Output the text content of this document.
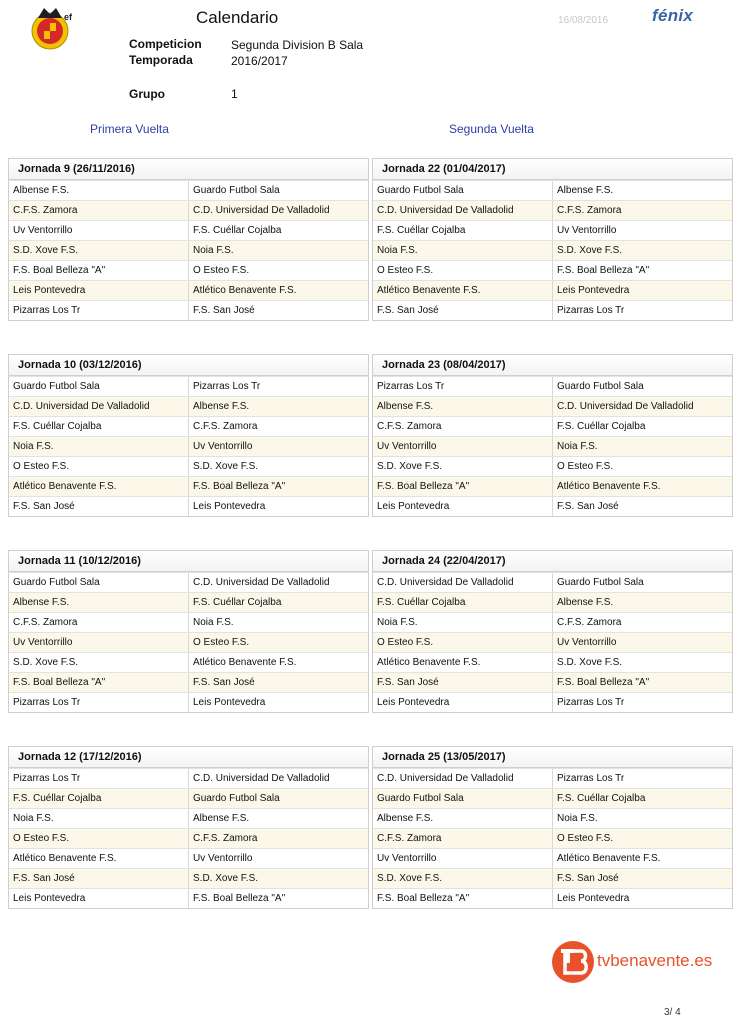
ef	Calendario	16/08/2016	fénix
Competicion Segunda Division B Sala
Temporada	2016/2017
Grupo	1
Primera Vuelta	Segunda Vuelta
Jornada 9 (26/11/2016)
Albense F.S.	Guardo Futbol Sala
C.F.S. Zamora	C.D. Universidad De Valladolid
Uv Ventorrillo	F.S. Cuéllar Cojalba
S.D. Xove F.S.	Noia F.S.
F.S. Boal Belleza "A"	O Esteo F.S.
Leis Pontevedra	Atlético Benavente F.S.
Pizarras Los Tr	F.S. San José
Jornada 22 (01/04/2017)
Guardo Futbol Sala	Albense F.S.
C.D. Universidad De Valladolid	C.F.S. Zamora
F.S. Cuéllar Cojalba	Uv Ventorrillo
Noia F.S.	S.D. Xove F.S.
O Esteo F.S.	F.S. Boal Belleza "A"
Atlético Benavente F.S.	Leis Pontevedra
F.S. San José	Pizarras Los Tr
Jornada 10 (03/12/2016)
Guardo Futbol Sala	Pizarras Los Tr
C.D. Universidad De Valladolid	Albense F.S.
F.S. Cuéllar Cojalba	C.F.S. Zamora
Noia F.S.	Uv Ventorrillo
O Esteo F.S.	S.D. Xove F.S.
Atlético Benavente F.S.	F.S. Boal Belleza "A"
F.S. San José	Leis Pontevedra
Jornada 23 (08/04/2017)
Pizarras Los Tr	Guardo Futbol Sala
Albense F.S.	C.D. Universidad De Valladolid
C.F.S. Zamora	F.S. Cuéllar Cojalba
Uv Ventorrillo	Noia F.S.
S.D. Xove F.S.	O Esteo F.S.
F.S. Boal Belleza "A"	Atlético Benavente F.S.
Leis Pontevedra	F.S. San José
Jornada 11 (10/12/2016)
Guardo Futbol Sala	C.D. Universidad De Valladolid
Albense F.S.	F.S. Cuéllar Cojalba
C.F.S. Zamora	Noia F.S.
Uv Ventorrillo	O Esteo F.S.
S.D. Xove F.S.	Atlético Benavente F.S.
F.S. Boal Belleza "A"	F.S. San José
Pizarras Los Tr	Leis Pontevedra
Jornada 24 (22/04/2017)
C.D. Universidad De Valladolid	Guardo Futbol Sala
F.S. Cuéllar Cojalba	Albense F.S.
Noia F.S.	C.F.S. Zamora
O Esteo F.S.	Uv Ventorrillo
Atlético Benavente F.S.	S.D. Xove F.S.
F.S. San José	F.S. Boal Belleza "A"
Leis Pontevedra	Pizarras Los Tr
Jornada 12 (17/12/2016)
Pizarras Los Tr	C.D. Universidad De Valladolid
F.S. Cuéllar Cojalba	Guardo Futbol Sala
Noia F.S.	Albense F.S.
O Esteo F.S.	C.F.S. Zamora
Atlético Benavente F.S.	Uv Ventorrillo
F.S. San José	S.D. Xove F.S.
Leis Pontevedra	F.S. Boal Belleza "A"
Jornada 25 (13/05/2017)
C.D. Universidad De Valladolid	Pizarras Los Tr
Guardo Futbol Sala	F.S. Cuéllar Cojalba
Albense F.S.	Noia F.S.
C.F.S. Zamora	O Esteo F.S.
Uv Ventorrillo	Atlético Benavente F.S.
S.D. Xove F.S.	F.S. San José
F.S. Boal Belleza "A"	Leis Pontevedra
tvbenavente.es
3/ 4
